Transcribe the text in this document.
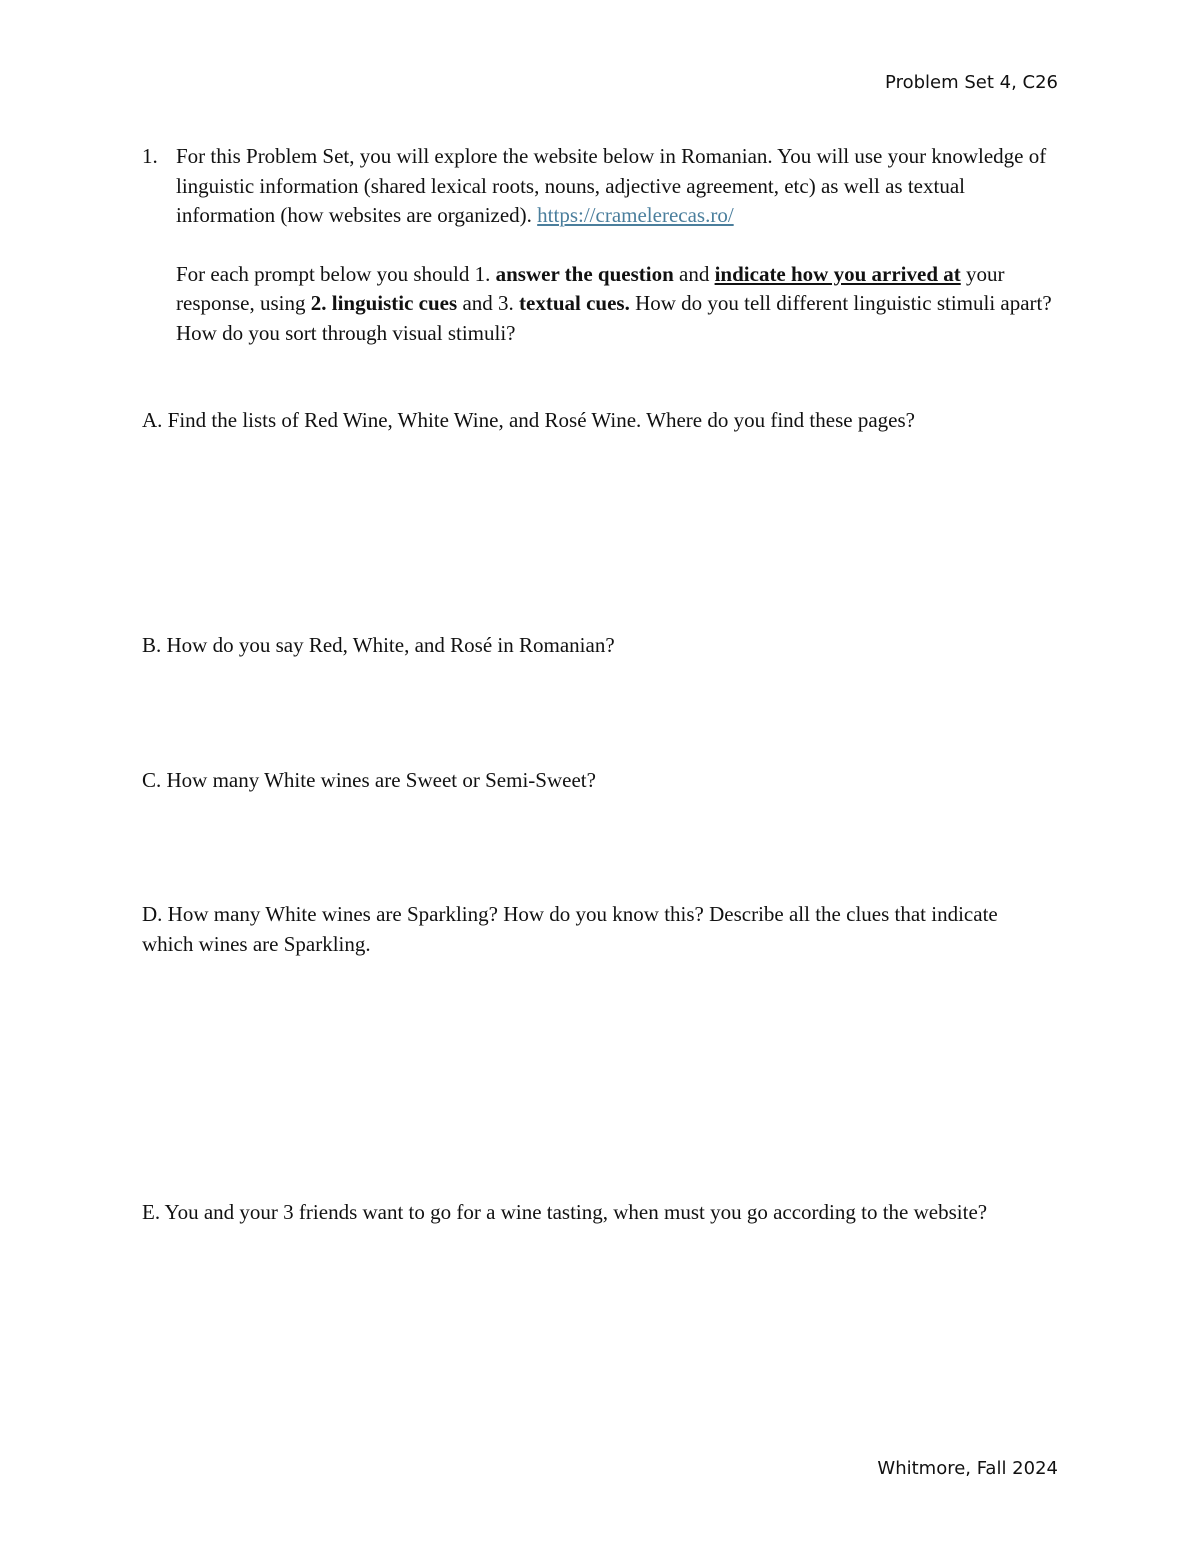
Problem Set 4, C26
1. For this Problem Set, you will explore the website below in Romanian. You will use your knowledge of linguistic information (shared lexical roots, nouns, adjective agreement, etc) as well as textual information (how websites are organized). https://cramelerecas.ro/
For each prompt below you should 1. answer the question and indicate how you arrived at your response, using 2. linguistic cues and 3. textual cues. How do you tell different linguistic stimuli apart? How do you sort through visual stimuli?
A. Find the lists of Red Wine, White Wine, and Rosé Wine. Where do you find these pages?
B. How do you say Red, White, and Rosé in Romanian?
C. How many White wines are Sweet or Semi-Sweet?
D. How many White wines are Sparkling? How do you know this? Describe all the clues that indicate which wines are Sparkling.
E. You and your 3 friends want to go for a wine tasting, when must you go according to the website?
Whitmore, Fall 2024
